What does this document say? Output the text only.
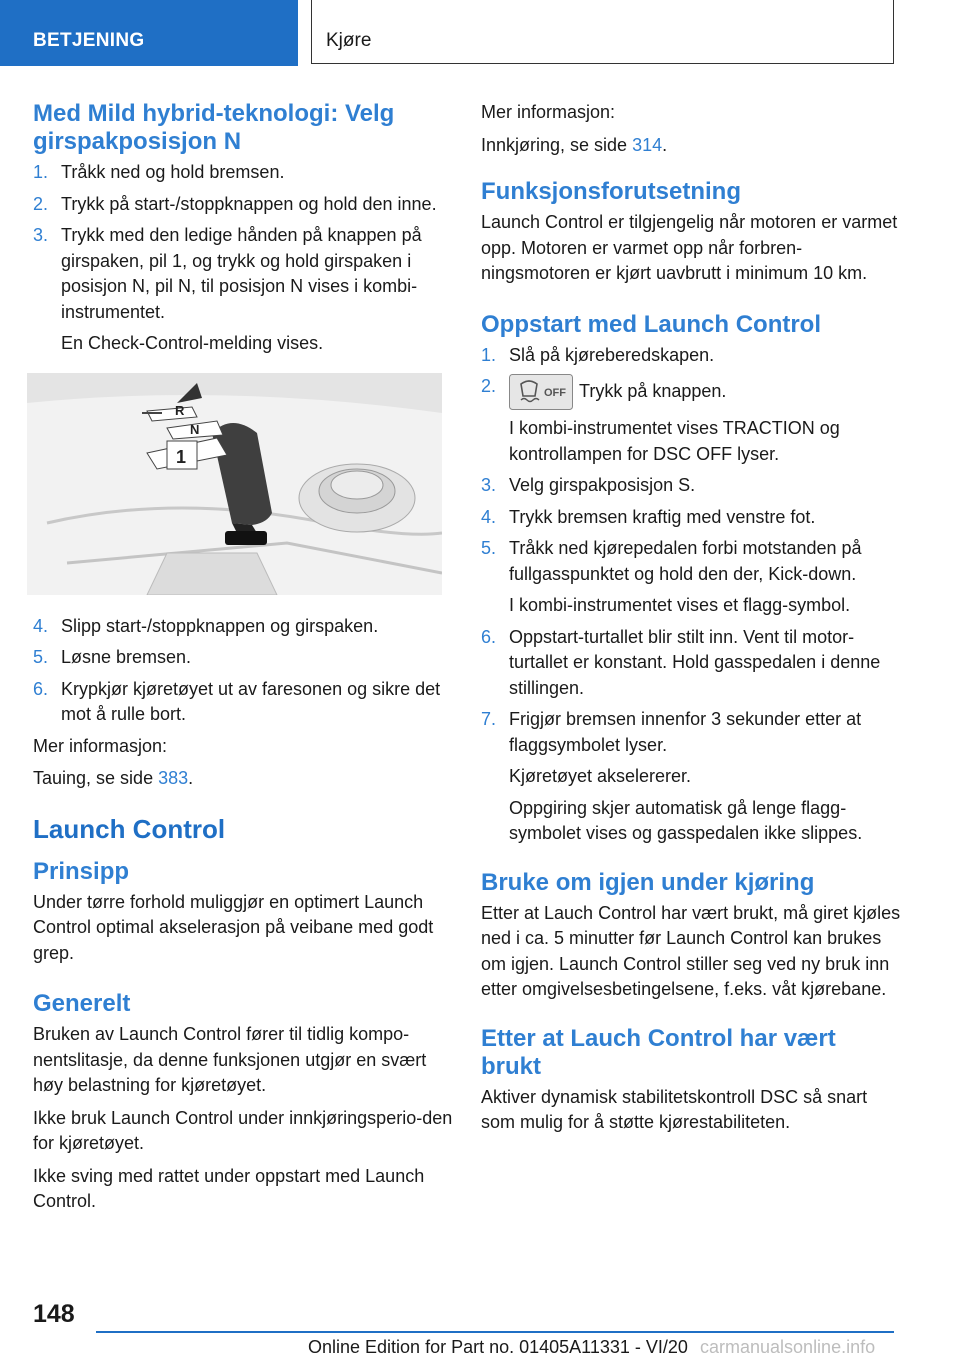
BETJENING	Kjøre
Med Mild hybrid-teknologi: Velg girspakposisjon N
1. Tråkk ned og hold bremsen.
2. Trykk på start-/stoppknappen og hold den inne.
3. Trykk med den ledige hånden på knappen på girspaken, pil 1, og trykk og hold girspaken i posisjon N, pil N, til posisjon N vises i kombi-instrumentet.
En Check-Control-melding vises.
R
N
1
4. Slipp start-/stoppknappen og girspaken.
5. Løsne bremsen.
6. Krypkjør kjøretøyet ut av faresonen og sikre det mot å rulle bort.

Mer informasjon:

Tauing, se side 383.

Launch Control
Prinsipp

Under tørre forhold muliggjør en optimert Launch Control optimal akselerasjon på veibane med godt grep.

Generelt

Bruken av Launch Control fører til tidlig kompo-nentslitasje, da denne funksjonen utgjør en svært høy belastning for kjøretøyet.

Ikke bruk Launch Control under innkjøringsperio-den for kjøretøyet.

Ikke sving med rattet under oppstart med Launch Control.

Mer informasjon:

Innkjøring, se side 314.

Funksjonsforutsetning

Launch Control er tilgjengelig når motoren er varmet opp. Motoren er varmet opp når forbren-ningsmotoren er kjørt uavbrutt i minimum 10 km.

Oppstart med Launch Control
1. Slå på kjøreberedskapen.
2.	OFF Trykk på knappen.
I kombi-instrumentet vises TRACTION og kontrollampen for DSC OFF lyser.
3. Velg girspakposisjon S.
4. Trykk bremsen kraftig med venstre fot.
5. Tråkk ned kjørepedalen forbi motstanden på fullgasspunktet og hold den der, Kick-down.
I kombi-instrumentet vises et flagg-symbol.
6. Oppstart-turtallet blir stilt inn. Vent til motor-turtallet er konstant. Hold gasspedalen i denne stillingen.
7. Frigjør bremsen innenfor 3 sekunder etter at flaggsymbolet lyser.
Kjøretøyet akselererer.
Oppgiring skjer automatisk gå lenge flagg-symbolet vises og gasspedalen ikke slippes.
Bruke om igjen under kjøring

Etter at Lauch Control har vært brukt, må giret kjøles ned i ca. 5 minutter før Launch Control kan brukes om igjen. Launch Control stiller seg ved ny bruk inn etter omgivelsesbetingelsene, f.eks. våt kjørebane.

Etter at Lauch Control har vært brukt

Aktiver dynamisk stabilitetskontroll DSC så snart som mulig for å støtte kjørestabiliteten.

148
Online Edition for Part no. 01405A11331 - VI/20 carmanualsonline.info
